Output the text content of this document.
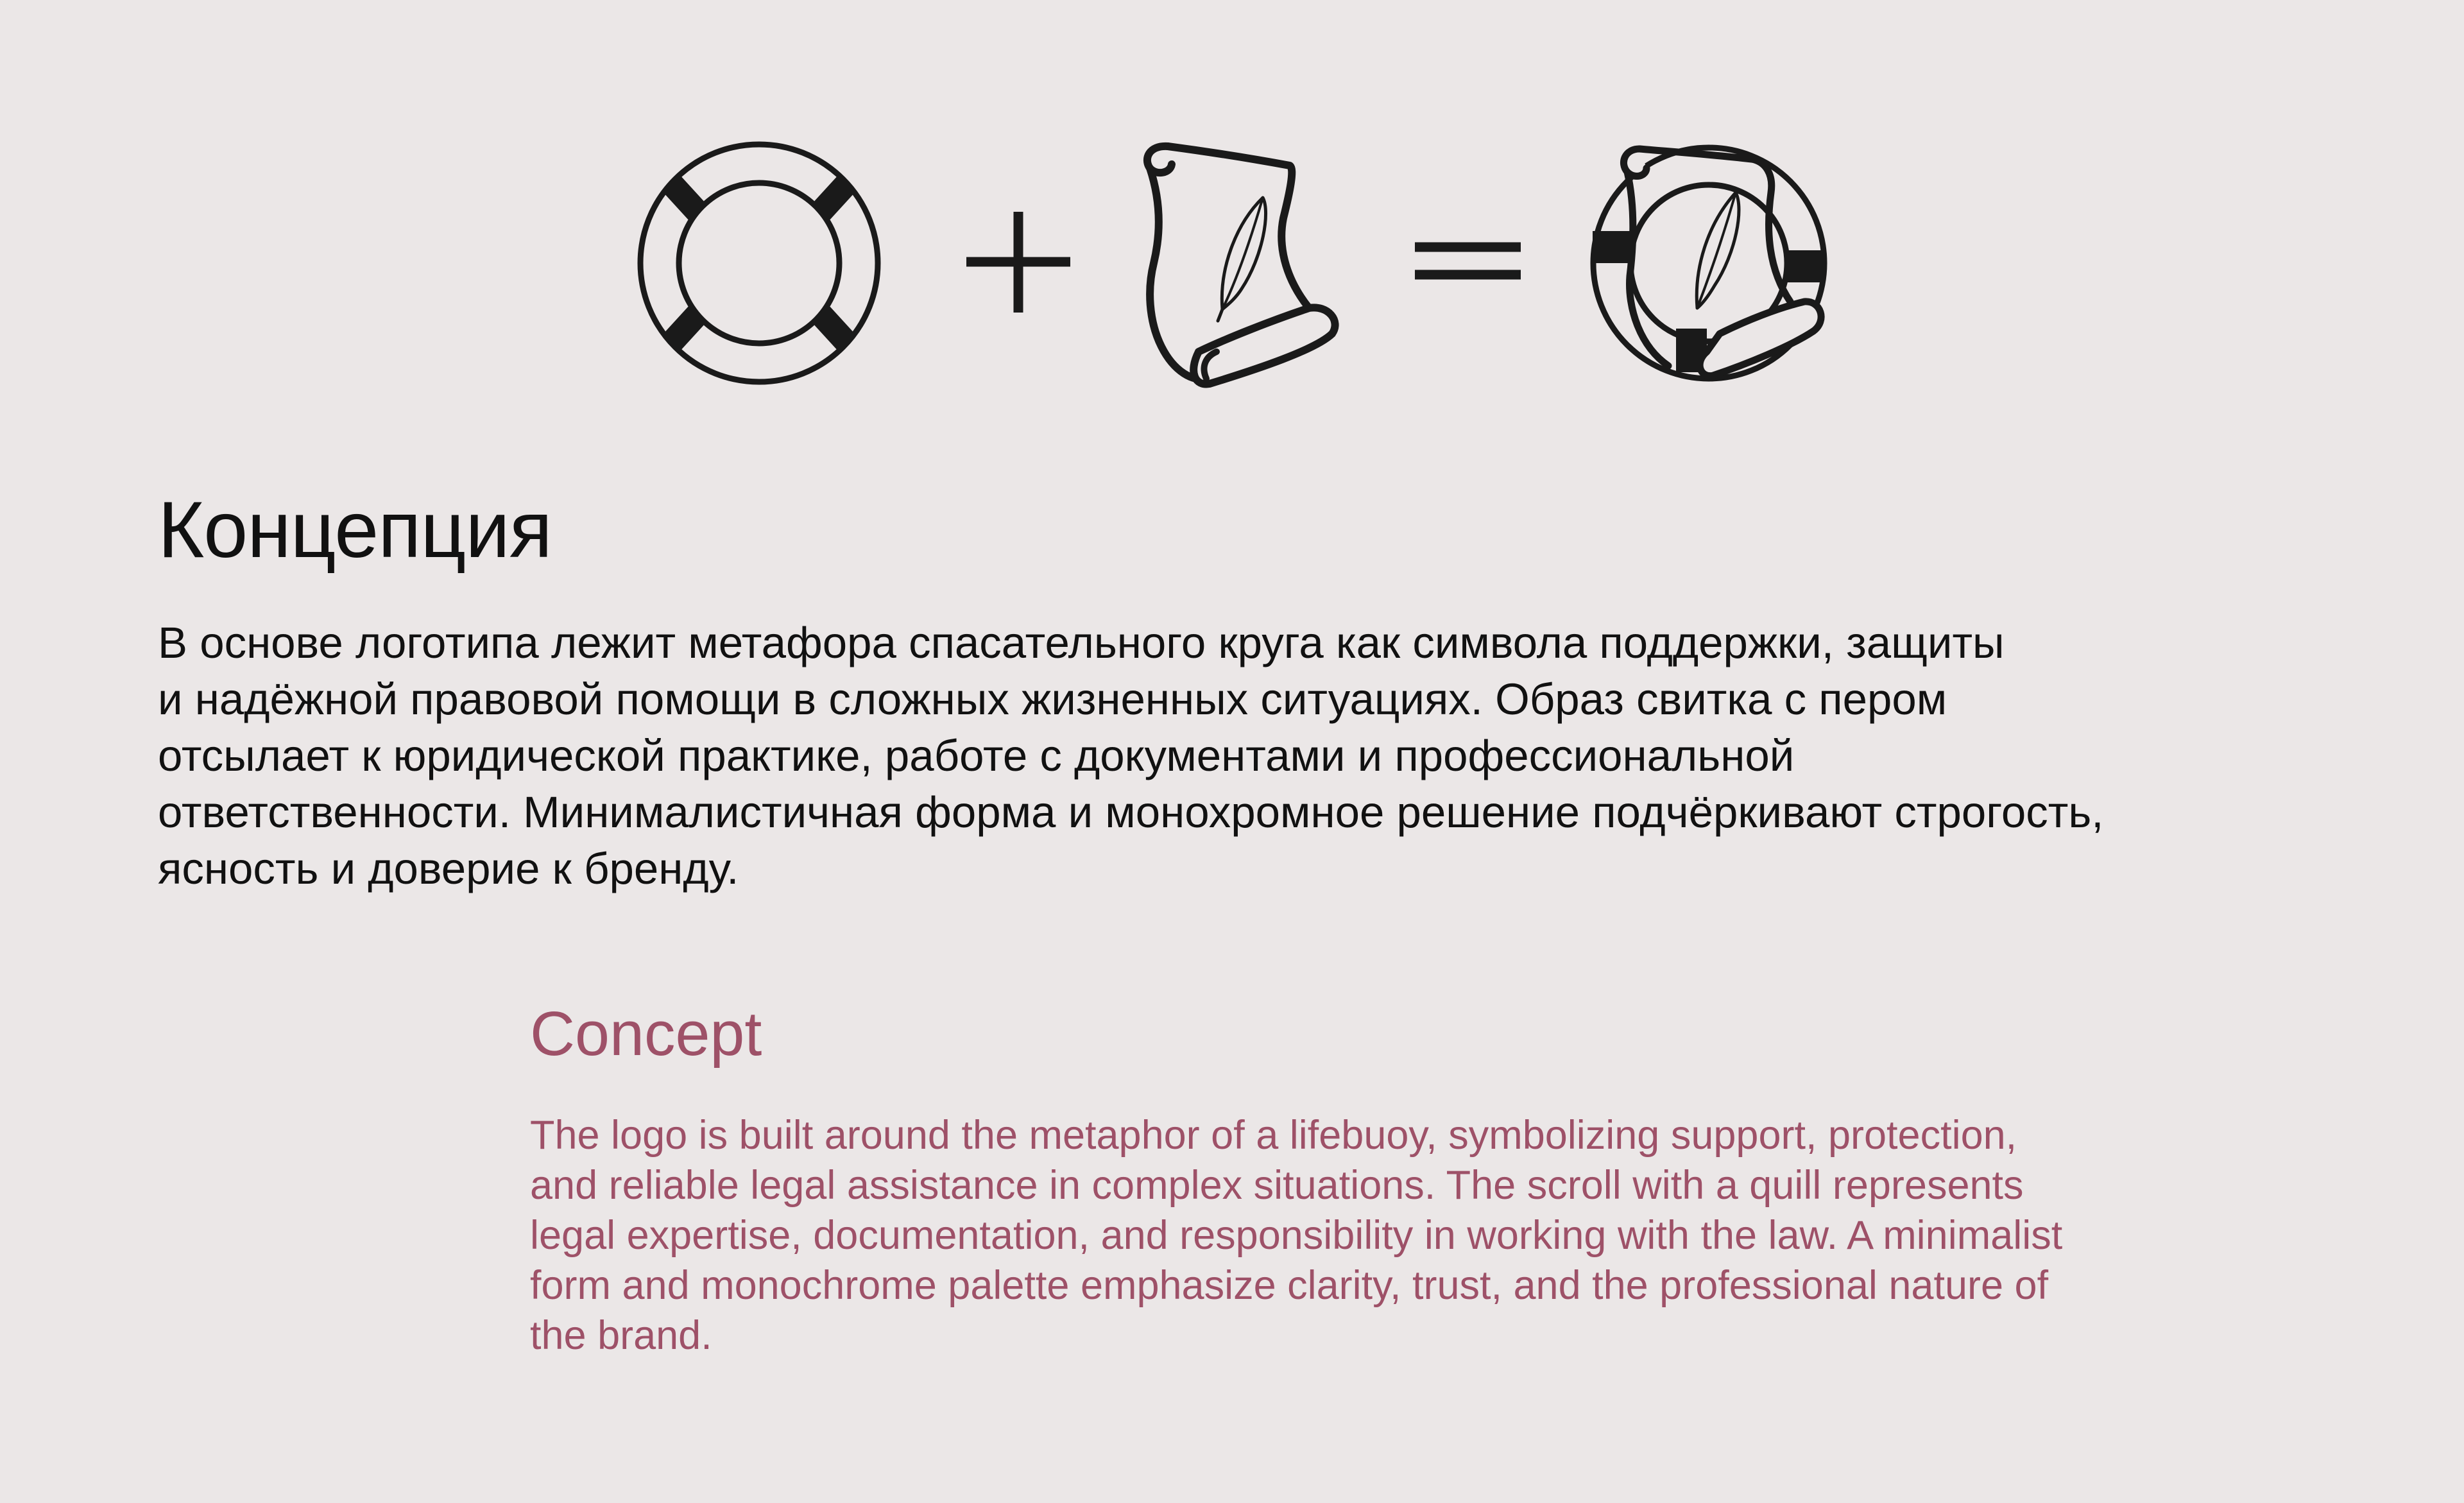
Концепция

В основе логотипа лежит метафора спасательного круга как символа поддержки, защиты
и надёжной правовой помощи в сложных жизненных ситуациях. Образ свитка с пером
отсылает к юридической практике, работе с документами и профессиональной
ответственности. Минималистичная форма и монохромное решение подчёркивают строгость,
ясность и доверие к бренду.

Concept

The logo is built around the metaphor of a lifebuoy, symbolizing support, protection,
and reliable legal assistance in complex situations. The scroll with a quill represents
legal expertise, documentation, and responsibility in working with the law. A minimalist
form and monochrome palette emphasize clarity, trust, and the professional nature of
the brand.
